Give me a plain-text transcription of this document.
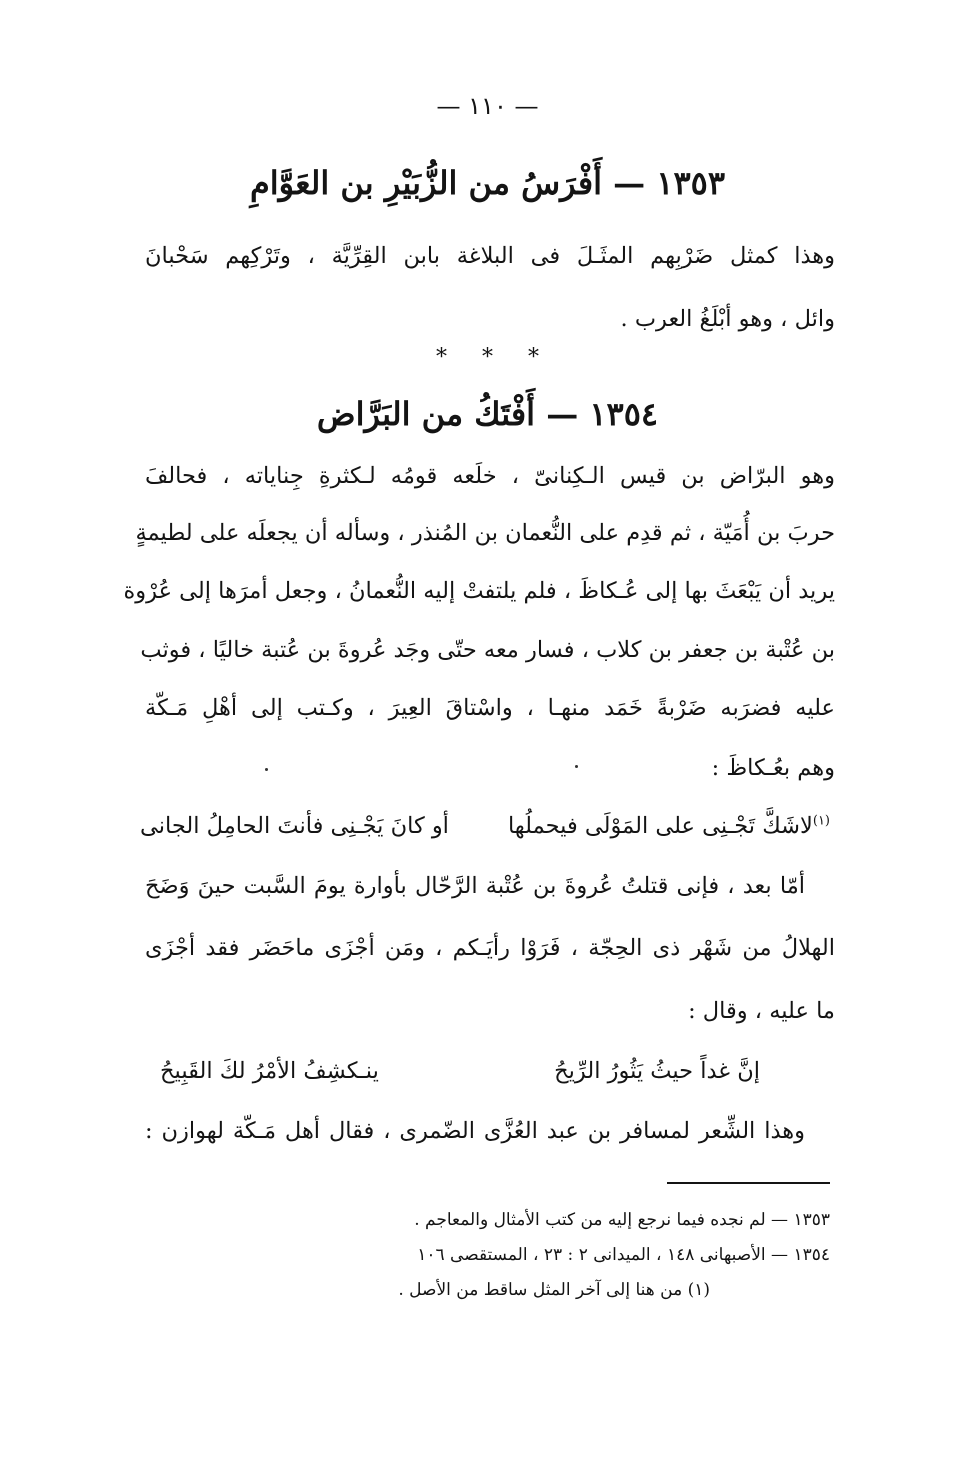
— ١١٠ —
١٣٥٣ — أَفْرَسُ من الزُّبَيْرِ بن العَوَّامِ
وهذا كمثل ضَرْبِهم المثَـلَ فى البلاغة بابن القِرِّيَّة ، وتَرْكِهم سَحْبانَ
وائل ، وهو أبْلَغُ العرب .
* * *
١٣٥٤ — أَفْتَكُ من البَرَّاض
وهو البرّاض بن قيس الـكِنانىّ ، خلَعه قومُه لـكثرةِ جِناياته ، فحالفَ
حربَ بن أُمَيّة ، ثم قدِم على النُّعمان بن المُنذر ، وسأله أن يجعلَه على لطيمةٍ
يريد أن يَبْعَثَ بها إلى عُـكاظَ ، فلم يلتفتْ إليه النُّعمانُ ، وجعل أمرَها إلى عُرْوة
بن عُتْبة بن جعفر بن كلاب ، فسار معه حتّى وجَد عُروةَ بن عُتبة خاليًا ، فوثب
عليه فضرَبه ضَرْبةً خَمَد منهـا ، واسْتاقَ العِيرَ ، وكـتب إلى أهْلِ مَـكّة
وهم بعُـكاظَ :
$^{(١)}$لاشَكَّ تَجْـنِى على المَوْلَى فيحملُها
أو كانَ يَجْـنِى فأنتَ الحامِلُ الجانى
أمّا بعد ، فإنى قتلتُ عُروةَ بن عُتْبة الرَّحّال بأوارة يومَ السَّبت حينَ وَضَحَ
الهلالُ من شَهْر ذى الحِجّة ، فَرَوْا رأيَـكم ، ومَن أجْزَى ماحَضَر فقد أجْزَى
ما عليه ، وقال :
إنَّ غداً حيثُ يَثُورُ الرِّيحُ
ينـكشِفُ الأمْرُ لكَ القَبِيحُ
وهذا الشِّعر لمسافر بن عبد العُزَّى الضّمرى ، فقال أهل مَـكّة لهوازن :
١٣٥٣ — لم نجده فيما نرجع إليه من كتب الأمثال والمعاجم .
١٣٥٤ — الأصبهانى ١٤٨ ، الميدانى ٢ : ٢٣ ، المستقصى ١٠٦
(١) من هنا إلى آخر المثل ساقط من الأصل .
